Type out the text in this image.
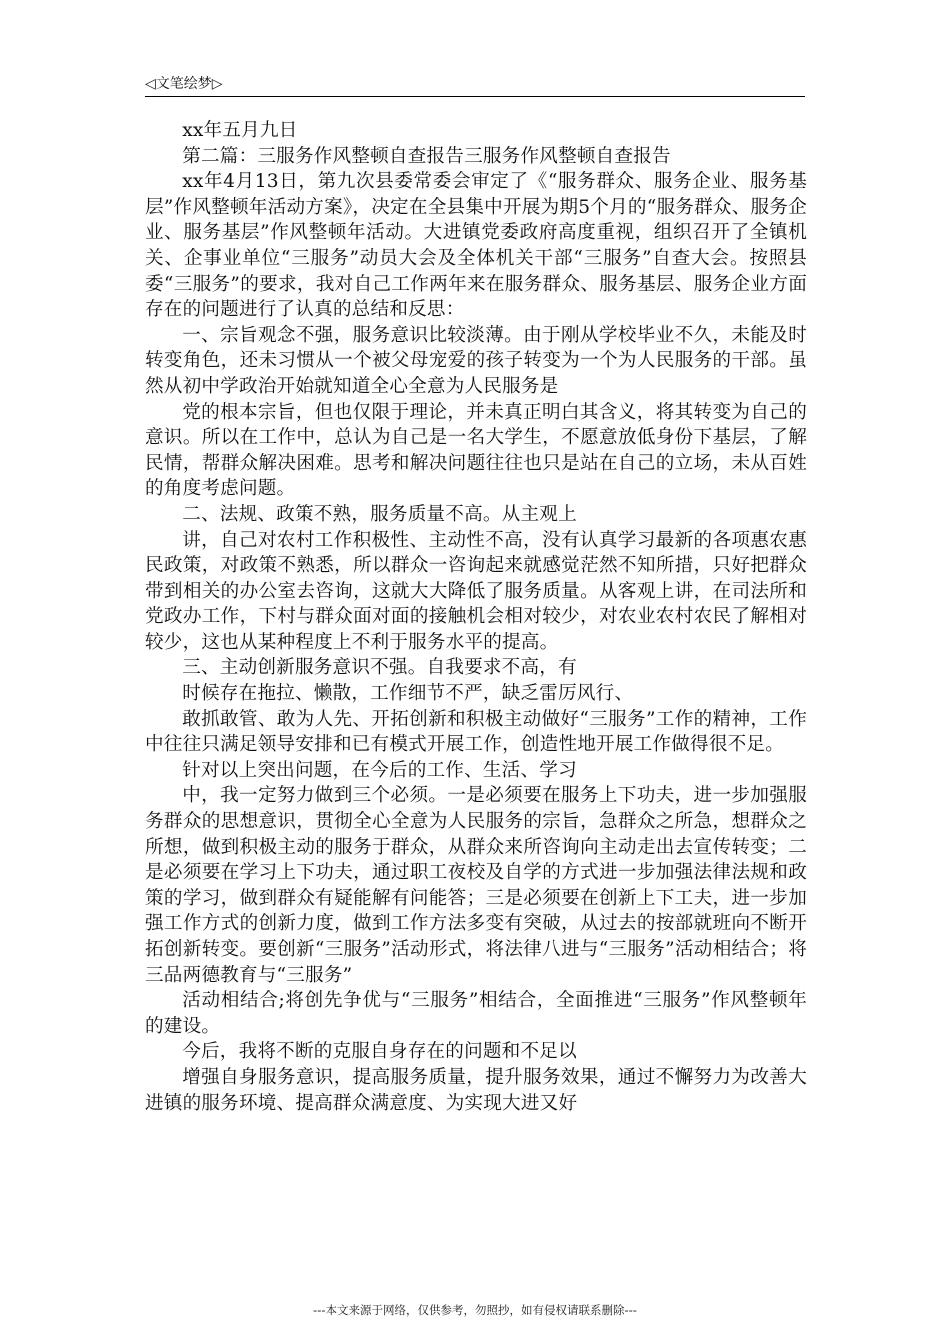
◁文笔绘梦▷

xx年五月九日

第二篇：三服务作风整顿自查报告三服务作风整顿自查报告

xx年4月13日，第九次县委常委会审定了《“服务群众、服务企业、服务基层”作风整顿年活动方案》，决定在全县集中开展为期5个月的“服务群众、服务企业、服务基层”作风整顿年活动。大进镇党委政府高度重视，组织召开了全镇机关、企事业单位“三服务”动员大会及全体机关干部“三服务”自查大会。按照县委“三服务”的要求，我对自己工作两年来在服务群众、服务基层、服务企业方面存在的问题进行了认真的总结和反思：

一、宗旨观念不强，服务意识比较淡薄。由于刚从学校毕业不久，未能及时转变角色，还未习惯从一个被父母宠爱的孩子转变为一个为人民服务的干部。虽然从初中学政治开始就知道全心全意为人民服务是

党的根本宗旨，但也仅限于理论，并未真正明白其含义，将其转变为自己的意识。所以在工作中，总认为自己是一名大学生，不愿意放低身份下基层，了解民情，帮群众解决困难。思考和解决问题往往也只是站在自己的立场，未从百姓的角度考虑问题。

二、法规、政策不熟，服务质量不高。从主观上

讲，自己对农村工作积极性、主动性不高，没有认真学习最新的各项惠农惠民政策，对政策不熟悉，所以群众一咨询起来就感觉茫然不知所措，只好把群众带到相关的办公室去咨询，这就大大降低了服务质量。从客观上讲，在司法所和党政办工作，下村与群众面对面的接触机会相对较少，对农业农村农民了解相对较少，这也从某种程度上不利于服务水平的提高。

三、主动创新服务意识不强。自我要求不高，有

时候存在拖拉、懒散，工作细节不严，缺乏雷厉风行、

敢抓敢管、敢为人先、开拓创新和积极主动做好“三服务”工作的精神，工作中往往只满足领导安排和已有模式开展工作，创造性地开展工作做得很不足。

针对以上突出问题，在今后的工作、生活、学习

中，我一定努力做到三个必须。一是必须要在服务上下功夫，进一步加强服务群众的思想意识，贯彻全心全意为人民服务的宗旨，急群众之所急，想群众之所想，做到积极主动的服务于群众，从群众来所咨询向主动走出去宣传转变；二是必须要在学习上下功夫，通过职工夜校及自学的方式进一步加强法律法规和政策的学习，做到群众有疑能解有问能答；三是必须要在创新上下工夫，进一步加强工作方式的创新力度，做到工作方法多变有突破，从过去的按部就班向不断开拓创新转变。要创新“三服务”活动形式，将法律八进与“三服务”活动相结合；将三品两德教育与“三服务”

活动相结合;将创先争优与“三服务”相结合，全面推进“三服务”作风整顿年的建设。

今后，我将不断的克服自身存在的问题和不足以

增强自身服务意识，提高服务质量，提升服务效果，通过不懈努力为改善大进镇的服务环境、提高群众满意度、为实现大进又好

---本文来源于网络，仅供参考，勿照抄，如有侵权请联系删除---
